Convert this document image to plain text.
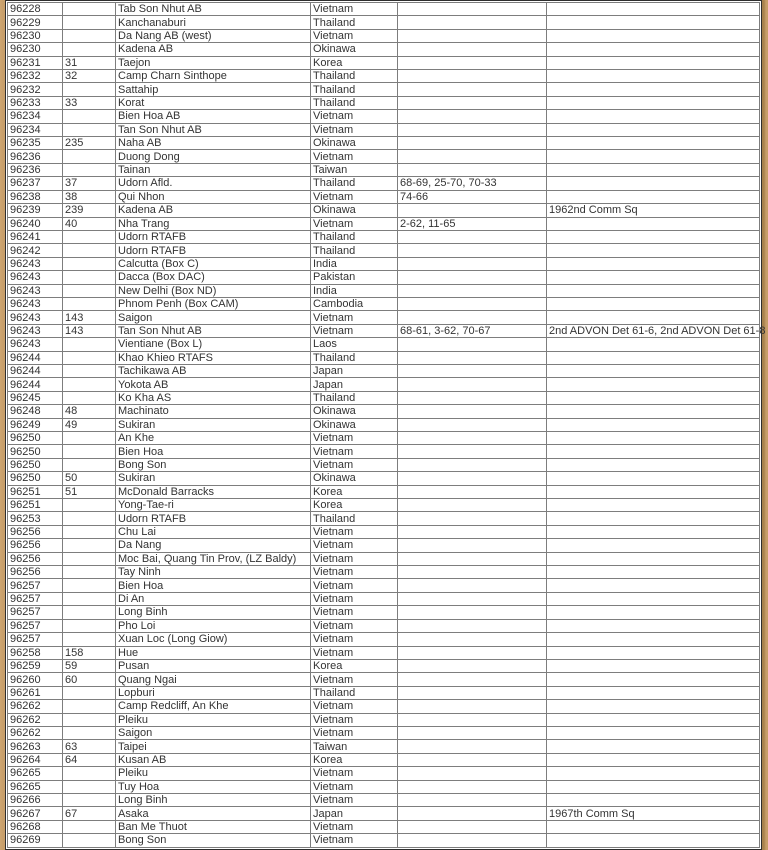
96228		Tab Son Nhut AB	Vietnam		
96229		Kanchanaburi	Thailand		
96230		Da Nang AB (west)	Vietnam		
96230		Kadena AB	Okinawa		
96231	31	Taejon	Korea		
96232	32	Camp Charn Sinthope	Thailand		
96232		Sattahip	Thailand		
96233	33	Korat	Thailand		
96234		Bien Hoa AB	Vietnam		
96234		Tan Son Nhut AB	Vietnam		
96235	235	Naha AB	Okinawa		
96236		Duong Dong	Vietnam		
96236		Tainan	Taiwan		
96237	37	Udorn Afld.	Thailand	68-69, 25-70, 70-33	
96238	38	Qui Nhon	Vietnam	74-66	
96239	239	Kadena AB	Okinawa		1962nd Comm Sq
96240	40	Nha Trang	Vietnam	2-62, 11-65	
96241		Udorn RTAFB	Thailand		
96242		Udorn RTAFB	Thailand		
96243		Calcutta (Box C)	India		
96243		Dacca (Box DAC)	Pakistan		
96243		New Delhi (Box ND)	India		
96243		Phnom Penh (Box CAM)	Cambodia		
96243	143	Saigon	Vietnam		
96243	143	Tan Son Nhut AB	Vietnam	68-61, 3-62, 70-67	2nd ADVON Det 61-6, 2nd ADVON Det 61-8
96243		Vientiane (Box L)	Laos		
96244		Khao Khieo RTAFS	Thailand		
96244		Tachikawa AB	Japan		
96244		Yokota AB	Japan		
96245		Ko Kha AS	Thailand		
96248	48	Machinato	Okinawa		
96249	49	Sukiran	Okinawa		
96250		An Khe	Vietnam		
96250		Bien Hoa	Vietnam		
96250		Bong Son	Vietnam		
96250	50	Sukiran	Okinawa		
96251	51	McDonald Barracks	Korea		
96251		Yong-Tae-ri	Korea		
96253		Udorn RTAFB	Thailand		
96256		Chu Lai	Vietnam		
96256		Da Nang	Vietnam		
96256		Moc Bai, Quang Tin Prov, (LZ Baldy)	Vietnam		
96256		Tay Ninh	Vietnam		
96257		Bien Hoa	Vietnam		
96257		Di An	Vietnam		
96257		Long Binh	Vietnam		
96257		Pho Loi	Vietnam		
96257		Xuan Loc (Long Giow)	Vietnam		
96258	158	Hue	Vietnam		
96259	59	Pusan	Korea		
96260	60	Quang Ngai	Vietnam		
96261		Lopburi	Thailand		
96262		Camp Redcliff, An Khe	Vietnam		
96262		Pleiku	Vietnam		
96262		Saigon	Vietnam		
96263	63	Taipei	Taiwan		
96264	64	Kusan AB	Korea		
96265		Pleiku	Vietnam		
96265		Tuy Hoa	Vietnam		
96266		Long Binh	Vietnam		
96267	67	Asaka	Japan		1967th Comm Sq
96268		Ban Me Thuot	Vietnam		
96269		Bong Son	Vietnam		
